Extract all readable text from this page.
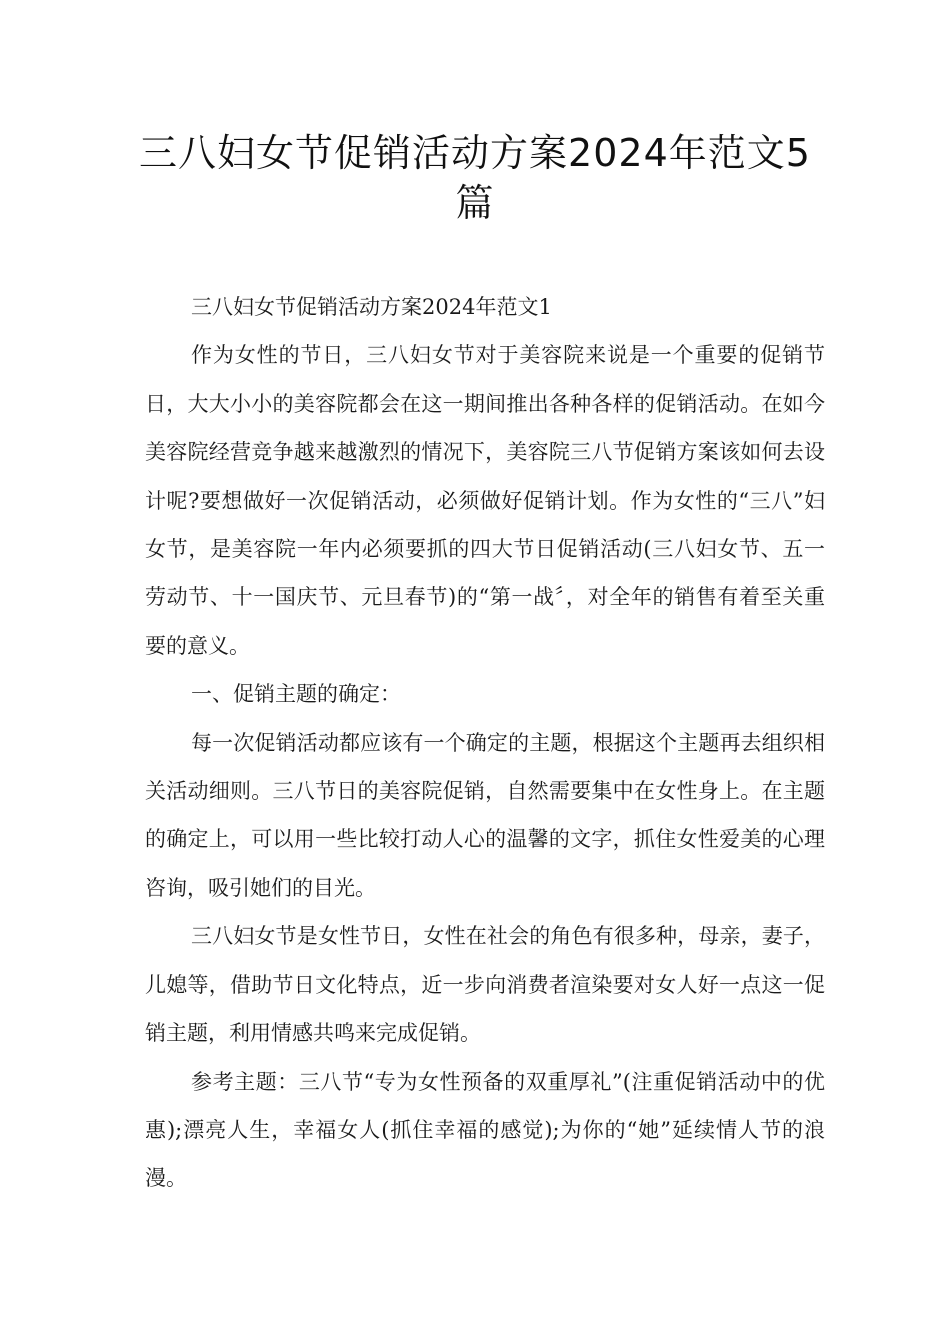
三八妇女节促销活动方案2024年范文5篇

三八妇女节促销活动方案2024年范文1

作为女性的节日，三八妇女节对于美容院来说是一个重要的促销节日，大大小小的美容院都会在这一期间推出各种各样的促销活动。在如今美容院经营竞争越来越激烈的情况下，美容院三八节促销方案该如何去设计呢?要想做好一次促销活动，必须做好促销计划。作为女性的“三八”妇女节，是美容院一年内必须要抓的四大节日促销活动(三八妇女节、五一劳动节、十一国庆节、元旦春节)的“第一战〞，对全年的销售有着至关重要的意义。

一、促销主题的确定：

每一次促销活动都应该有一个确定的主题，根据这个主题再去组织相关活动细则。三八节日的美容院促销，自然需要集中在女性身上。在主题的确定上，可以用一些比较打动人心的温馨的文字，抓住女性爱美的心理咨询，吸引她们的目光。

三八妇女节是女性节日，女性在社会的角色有很多种，母亲，妻子，儿媳等，借助节日文化特点，近一步向消费者渲染要对女人好一点这一促销主题，利用情感共鸣来完成促销。

参考主题：三八节“专为女性预备的双重厚礼”(注重促销活动中的优惠);漂亮人生，幸福女人(抓住幸福的感觉);为你的“她”延续情人节的浪漫。
